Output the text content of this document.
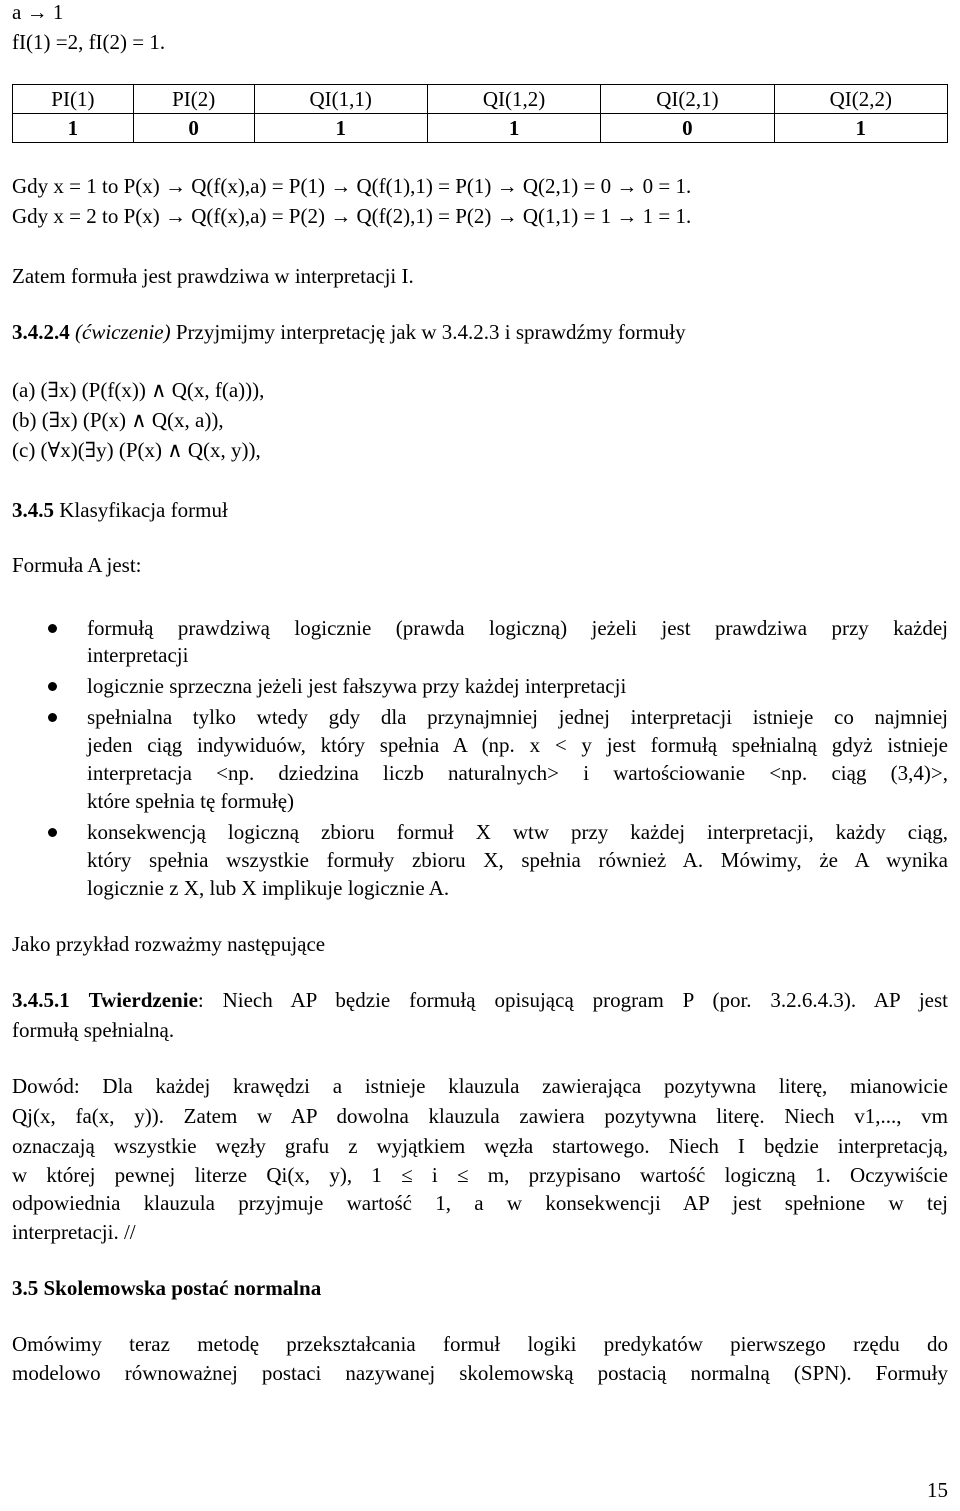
a → 1
fI(1) =2, fI(2) = 1.
PI(1)	PI(2)	QI(1,1)	QI(1,2)	QI(2,1)	QI(2,2)
1	0	1	1	0	1
Gdy x = 1 to P(x) → Q(f(x),a) = P(1) → Q(f(1),1) = P(1) → Q(2,1) = 0 → 0 = 1.
Gdy x = 2 to P(x) → Q(f(x),a) = P(2) → Q(f(2),1) = P(2) → Q(1,1) = 1 → 1 = 1.
Zatem formuła jest prawdziwa w interpretacji I.
3.4.2.4 (ćwiczenie) Przyjmijmy interpretację jak w 3.4.2.3 i sprawdźmy formuły
(a) (∃x) (P(f(x)) ∧ Q(x, f(a))),
(b) (∃x) (P(x) ∧ Q(x, a)),
(c) (∀x)(∃y) (P(x) ∧ Q(x, y)),
3.4.5 Klasyfikacja formuł
Formuła A jest:
formułą prawdziwą logicznie (prawda logiczną) jeżeli jest prawdziwa przy każdej
interpretacji
logicznie sprzeczna jeżeli jest fałszywa przy każdej interpretacji
spełnialna tylko wtedy gdy dla przynajmniej jednej interpretacji istnieje co najmniej
jeden ciąg indywiduów, który spełnia A (np. x < y jest formułą spełnialną gdyż istnieje
interpretacja <np. dziedzina liczb naturalnych> i wartościowanie <np. ciąg (3,4)>,
które spełnia tę formułę)
konsekwencją logiczną zbioru formuł X wtw przy każdej interpretacji, każdy ciąg,
który spełnia wszystkie formuły zbioru X, spełnia również A. Mówimy, że A wynika
logicznie z X, lub X implikuje logicznie A.
Jako przykład rozważmy następujące
3.4.5.1 Twierdzenie: Niech AP będzie formułą opisującą program P (por. 3.2.6.4.3). AP jest
formułą spełnialną.
Dowód: Dla każdej krawędzi a istnieje klauzula zawierająca pozytywna literę, mianowicie
Qj(x, fa(x, y)). Zatem w AP dowolna klauzula zawiera pozytywna literę. Niech v1,..., vm
oznaczają wszystkie węzły grafu z wyjątkiem węzła startowego. Niech I będzie interpretacją,
w której pewnej literze Qi(x, y), 1 ≤ i ≤ m, przypisano wartość logiczną 1. Oczywiście
odpowiednia klauzula przyjmuje wartość 1, a w konsekwencji AP jest spełnione w tej
interpretacji. //
3.5 Skolemowska postać normalna
Omówimy teraz metodę przekształcania formuł logiki predykatów pierwszego rzędu do
modelowo równoważnej postaci nazywanej skolemowską postacią normalną (SPN). Formuły
15
